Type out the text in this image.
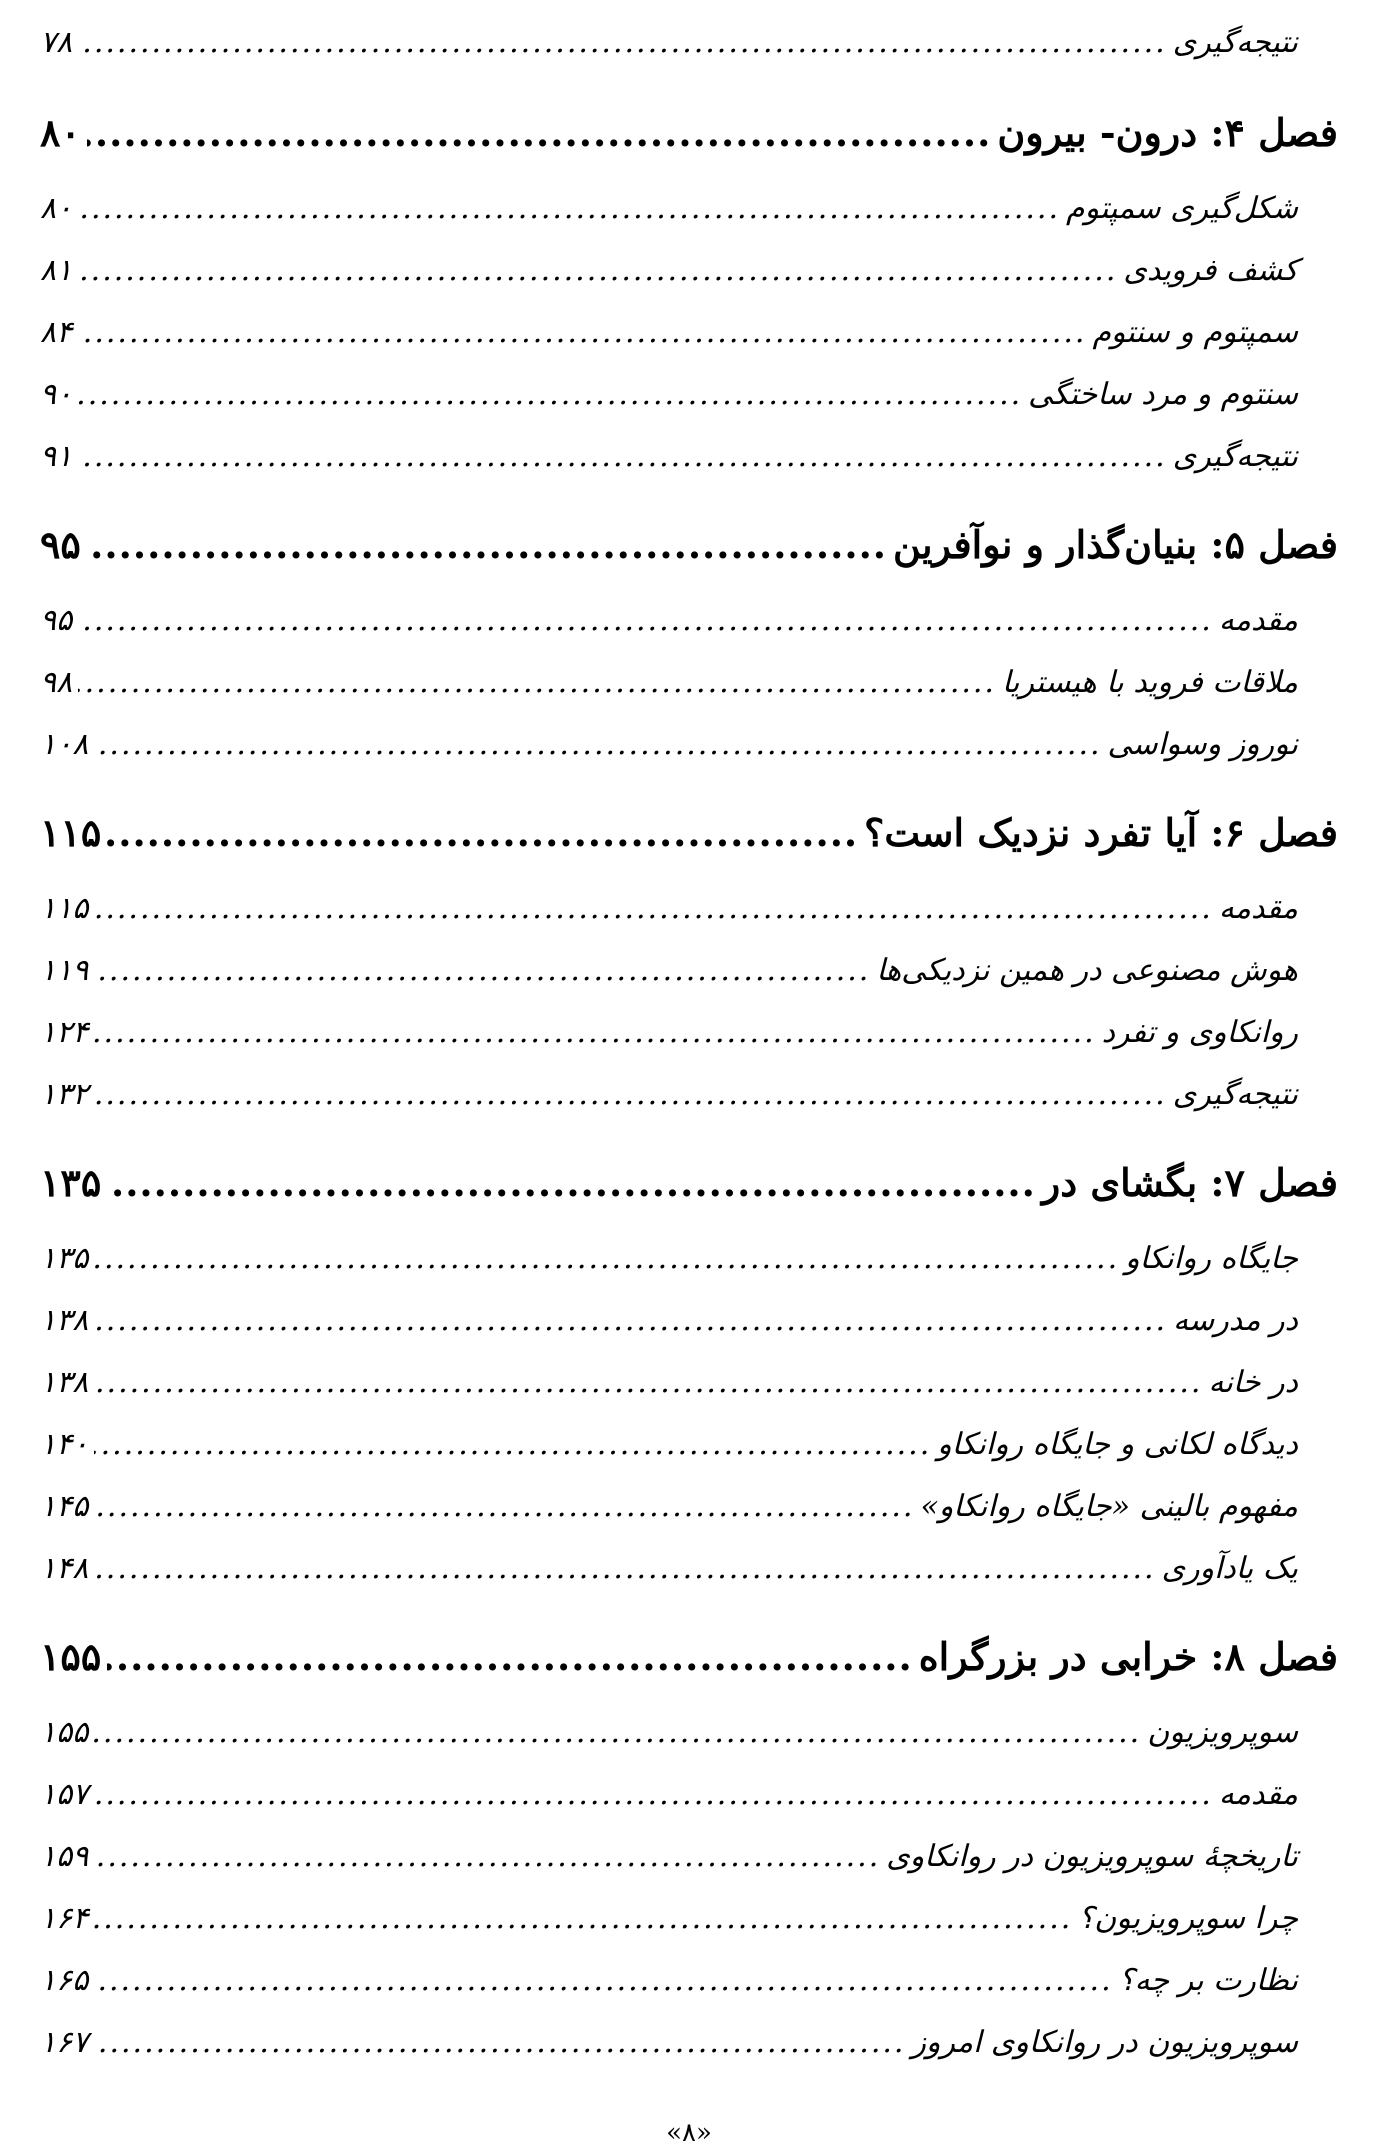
نتیجه‌گیری
.....
۷۸
فصل ۴: درون- بیرون
.....
۸۰
شکل‌گیری سمپتوم
.....
۸۰
کشف فرویدی
.....
۸۱
سمپتوم و سنتوم
.....
۸۴
سنتوم و مرد ساختگی
.....
۹۰
نتیجه‌گیری
.....
۹۱
فصل ۵: بنیان‌گذار و نوآفرین
.....
۹۵
مقدمه
.....
۹۵
ملاقات فروید با هیستریا
.....
۹۸
نوروز وسواسی
.....
۱۰۸
فصل ۶: آیا تفرد نزدیک است؟
.....
۱۱۵
مقدمه
.....
۱۱۵
هوش مصنوعی در همین نزدیکی‌ها
.....
۱۱۹
روانکاوی و تفرد
.....
۱۲۴
نتیجه‌گیری
.....
۱۳۲
فصل ۷: بگشای در
.....
۱۳۵
جایگاه روانکاو
.....
۱۳۵
در مدرسه
.....
۱۳۸
در خانه
.....
۱۳۸
دیدگاه لکانی و جایگاه روانکاو
.....
۱۴۰
مفهوم بالینی «جایگاه روانکاو»
.....
۱۴۵
یک یادآوری
.....
۱۴۸
فصل ۸: خرابی در بزرگراه
.....
۱۵۵
سوپرویزیون
.....
۱۵۵
مقدمه
.....
۱۵۷
تاریخچۀ سوپرویزیون در روانکاوی
.....
۱۵۹
چرا سوپرویزیون؟
.....
۱۶۴
نظارت بر چه؟
.....
۱۶۵
سوپرویزیون در روانکاوی امروز
.....
۱۶۷
«۸»
